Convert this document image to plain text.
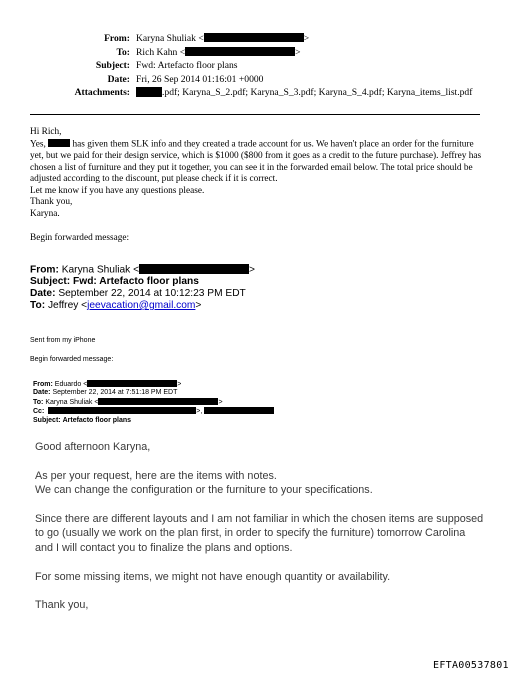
From: Karyna Shuliak <	>
To: Rich Kahn <	>
Subject: Fwd: Artefacto floor plans
Date: Fri, 26 Sep 2014 01:16:01 +0000
Attachments:	.pdf; Karyna_S_2.pdf; Karyna_S_3.pdf; Karyna_S_4.pdf; Karyna_items_list.pdf

Hi Rich,

Yes,	has given them SLK info and they created a trade account for us. We haven't place an order for the furniture yet, but we paid for their design service, which is $1000 ($800 from it goes as a credit to the future purchase). Jeffrey has chosen a list of furniture and they put it together, you can see it in the forwarded email below. The total price should be adjusted according to the discount, put please check if it is correct.

Let me know if you have any questions please.

Thank you,

Karyna.

Begin forwarded message:
From: Karyna Shuliak <	>
Subject: Fwd: Artefacto floor plans
Date: September 22, 2014 at 10:12:23 PM EDT
To: Jeffrey <jeevacation@gmail.com>
Sent from my iPhone
Begin forwarded message:
From: Eduardo <	>
Date: September 22, 2014 at 7:51:18 PM EDT
To: Karyna Shuliak <	>
Cc:	>,
Subject: Artefacto floor plans

Good afternoon Karyna,

As per your request, here are the items with notes.

We can change the configuration or the furniture to your specifications.

Since there are different layouts and I am not familiar in which the chosen items are supposed to go (usually we work on the plan first, in order to specify the furniture) tomorrow Carolina and I will contact you to finalize the plans and options.

For some missing items, we might not have enough quantity or availability.

Thank you,

EFTA00537801
